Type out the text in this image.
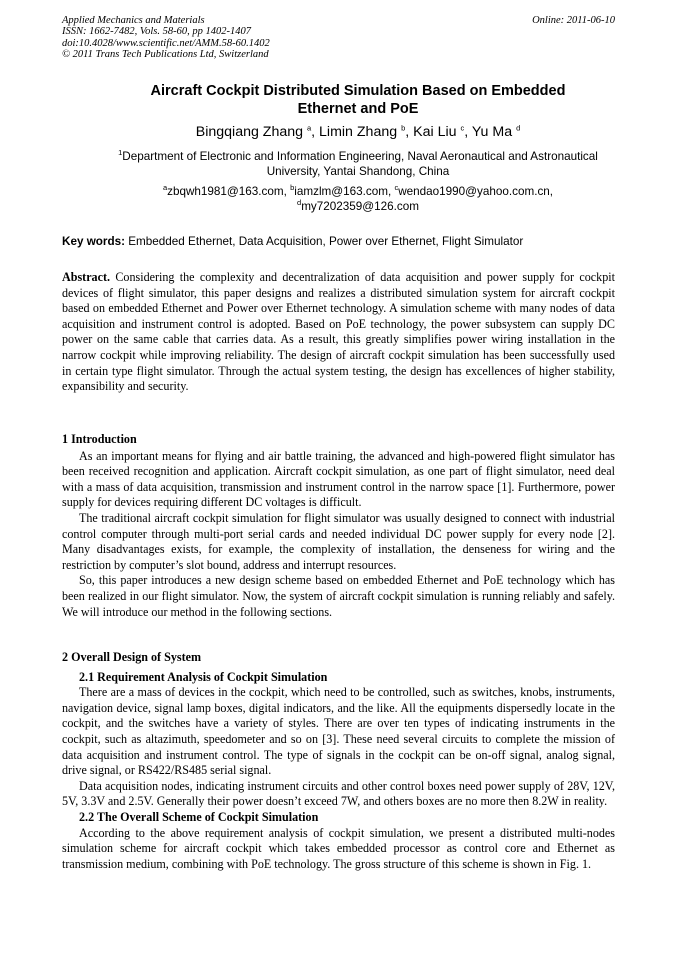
Applied Mechanics and Materials
ISSN: 1662-7482, Vols. 58-60, pp 1402-1407
doi:10.4028/www.scientific.net/AMM.58-60.1402
© 2011 Trans Tech Publications Ltd, Switzerland
Online: 2011-06-10
Aircraft Cockpit Distributed Simulation Based on Embedded
Ethernet and PoE
Bingqiang Zhang $^a$, Limin Zhang $^b$, Kai Liu $^c$, Yu Ma $^d$
$^1$Department of Electronic and Information Engineering, Naval Aeronautical and Astronautical
University, Yantai Shandong, China
$^a$zbqwh1981@163.com, $^b$iamzlm@163.com, $^c$wendao1990@yahoo.com.cn,
$^d$my7202359@126.com
Key words: Embedded Ethernet, Data Acquisition, Power over Ethernet, Flight Simulator

Abstract. Considering the complexity and decentralization of data acquisition and power supply for cockpit devices of flight simulator, this paper designs and realizes a distributed simulation system for aircraft cockpit based on embedded Ethernet and Power over Ethernet technology. A simulation scheme with many nodes of data acquisition and instrument control is adopted. Based on PoE technology, the power subsystem can supply DC power on the same cable that carries data. As a result, this greatly simplifies power wiring installation in the narrow cockpit while improving reliability. The design of aircraft cockpit simulation has been successfully used in certain type flight simulator. Through the actual system testing, the design has excellences of higher stability, expansibility and security.

1 Introduction

As an important means for flying and air battle training, the advanced and high-powered flight simulator has been received recognition and application. Aircraft cockpit simulation, as one part of flight simulator, need deal with a mass of data acquisition, transmission and instrument control in the narrow space [1]. Furthermore, power supply for devices requiring different DC voltages is difficult.

The traditional aircraft cockpit simulation for flight simulator was usually designed to connect with industrial control computer through multi-port serial cards and needed individual DC power supply for every node [2]. Many disadvantages exists, for example, the complexity of installation, the denseness for wiring and the restriction by computer’s slot bound, address and interrupt resources.

So, this paper introduces a new design scheme based on embedded Ethernet and PoE technology which has been realized in our flight simulator. Now, the system of aircraft cockpit simulation is running reliably and safely. We will introduce our method in the following sections.

2 Overall Design of System
2.1 Requirement Analysis of Cockpit Simulation

There are a mass of devices in the cockpit, which need to be controlled, such as switches, knobs, instruments, navigation device, signal lamp boxes, digital indicators, and the like. All the equipments dispersedly locate in the cockpit, and the switches have a variety of styles. There are over ten types of indicating instruments in the cockpit, such as altazimuth, speedometer and so on [3]. These need several circuits to complete the mission of data acquisition and instrument control. The type of signals in the cockpit can be on-off signal, analog signal, drive signal, or RS422/RS485 serial signal.

Data acquisition nodes, indicating instrument circuits and other control boxes need power supply of 28V, 12V, 5V, 3.3V and 2.5V. Generally their power doesn’t exceed 7W, and others boxes are no more then 8.2W in reality.

2.2 The Overall Scheme of Cockpit Simulation

According to the above requirement analysis of cockpit simulation, we present a distributed multi-nodes simulation scheme for aircraft cockpit which takes embedded processor as control core and Ethernet as transmission medium, combining with PoE technology. The gross structure of this scheme is shown in Fig. 1.
